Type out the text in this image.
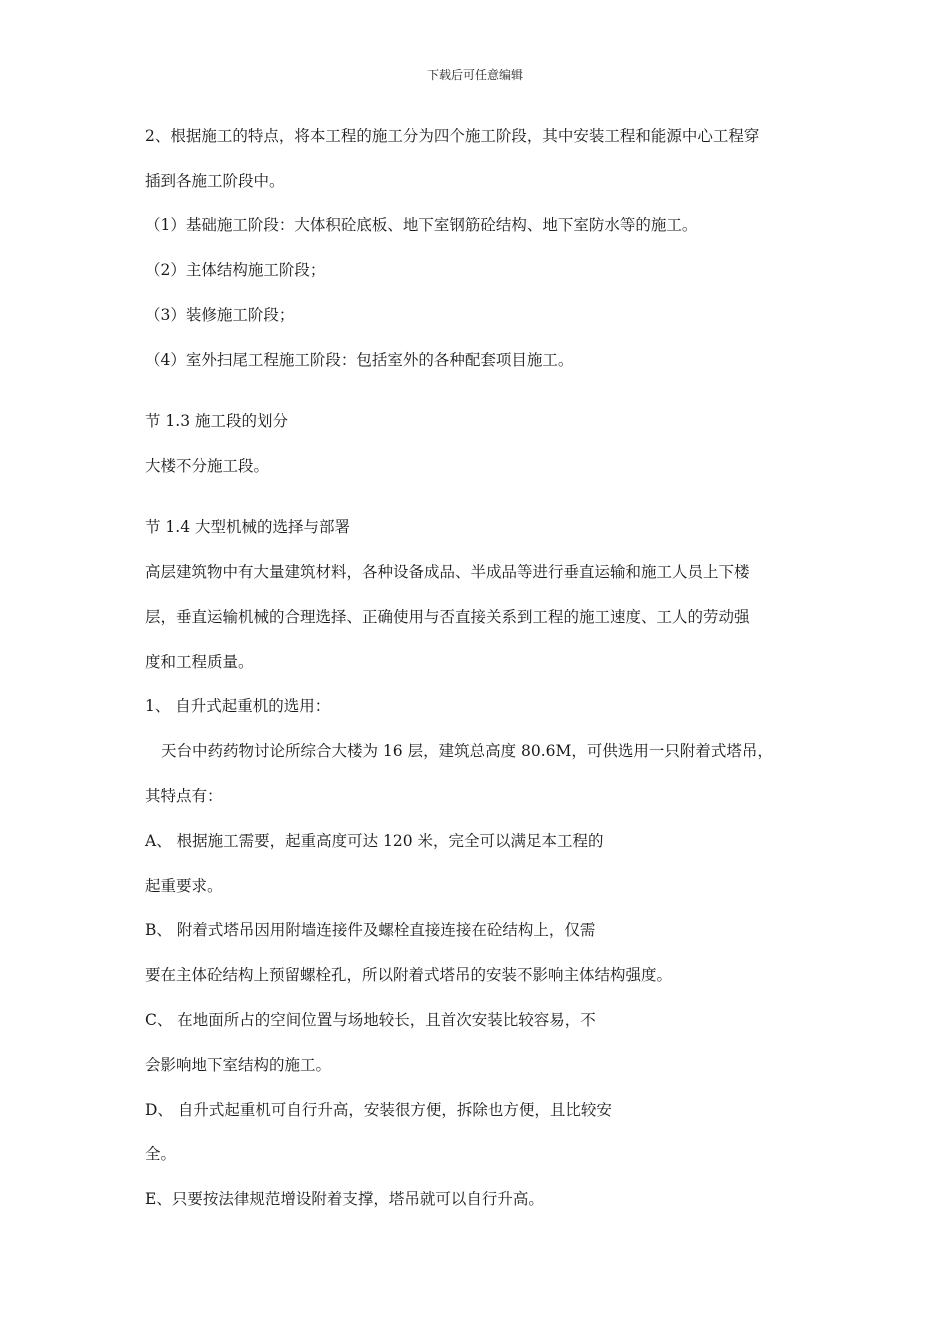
下载后可任意编辑
2、根据施工的特点，将本工程的施工分为四个施工阶段，其中安装工程和能源中心工程穿
插到各施工阶段中。
（1）基础施工阶段：大体积砼底板、地下室钢筋砼结构、地下室防水等的施工。
（2）主体结构施工阶段；
（3）装修施工阶段；
（4）室外扫尾工程施工阶段：包括室外的各种配套项目施工。
节 1.3 施工段的划分
大楼不分施工段。
节 1.4 大型机械的选择与部署
高层建筑物中有大量建筑材料，各种设备成品、半成品等进行垂直运输和施工人员上下楼
层，垂直运输机械的合理选择、正确使用与否直接关系到工程的施工速度、工人的劳动强
度和工程质量。
1、 自升式起重机的选用：
天台中药药物讨论所综合大楼为 16 层，建筑总高度 80.6M，可供选用一只附着式塔吊，
其特点有：
A、 根据施工需要，起重高度可达 120 米，完全可以满足本工程的
起重要求。
B、 附着式塔吊因用附墙连接件及螺栓直接连接在砼结构上，仅需
要在主体砼结构上预留螺栓孔，所以附着式塔吊的安装不影响主体结构强度。
C、 在地面所占的空间位置与场地较长，且首次安装比较容易，不
会影响地下室结构的施工。
D、 自升式起重机可自行升高，安装很方便，拆除也方便，且比较安
全。
E、只要按法律规范增设附着支撑，塔吊就可以自行升高。
